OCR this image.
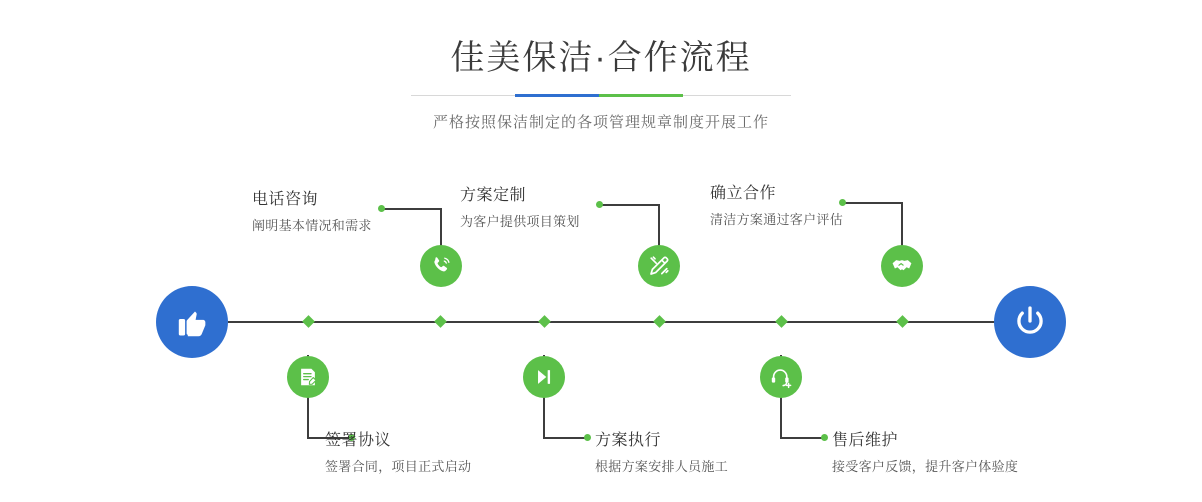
佳美保洁·合作流程

严格按照保洁制定的各项管理规章制度开展工作

电话咨询

阐明基本情况和需求

签署协议

签署合同，项目正式启动

方案定制

为客户提供项目策划

方案执行

根据方案安排人员施工

确立合作

清洁方案通过客户评估

售后维护

接受客户反馈，提升客户体验度
